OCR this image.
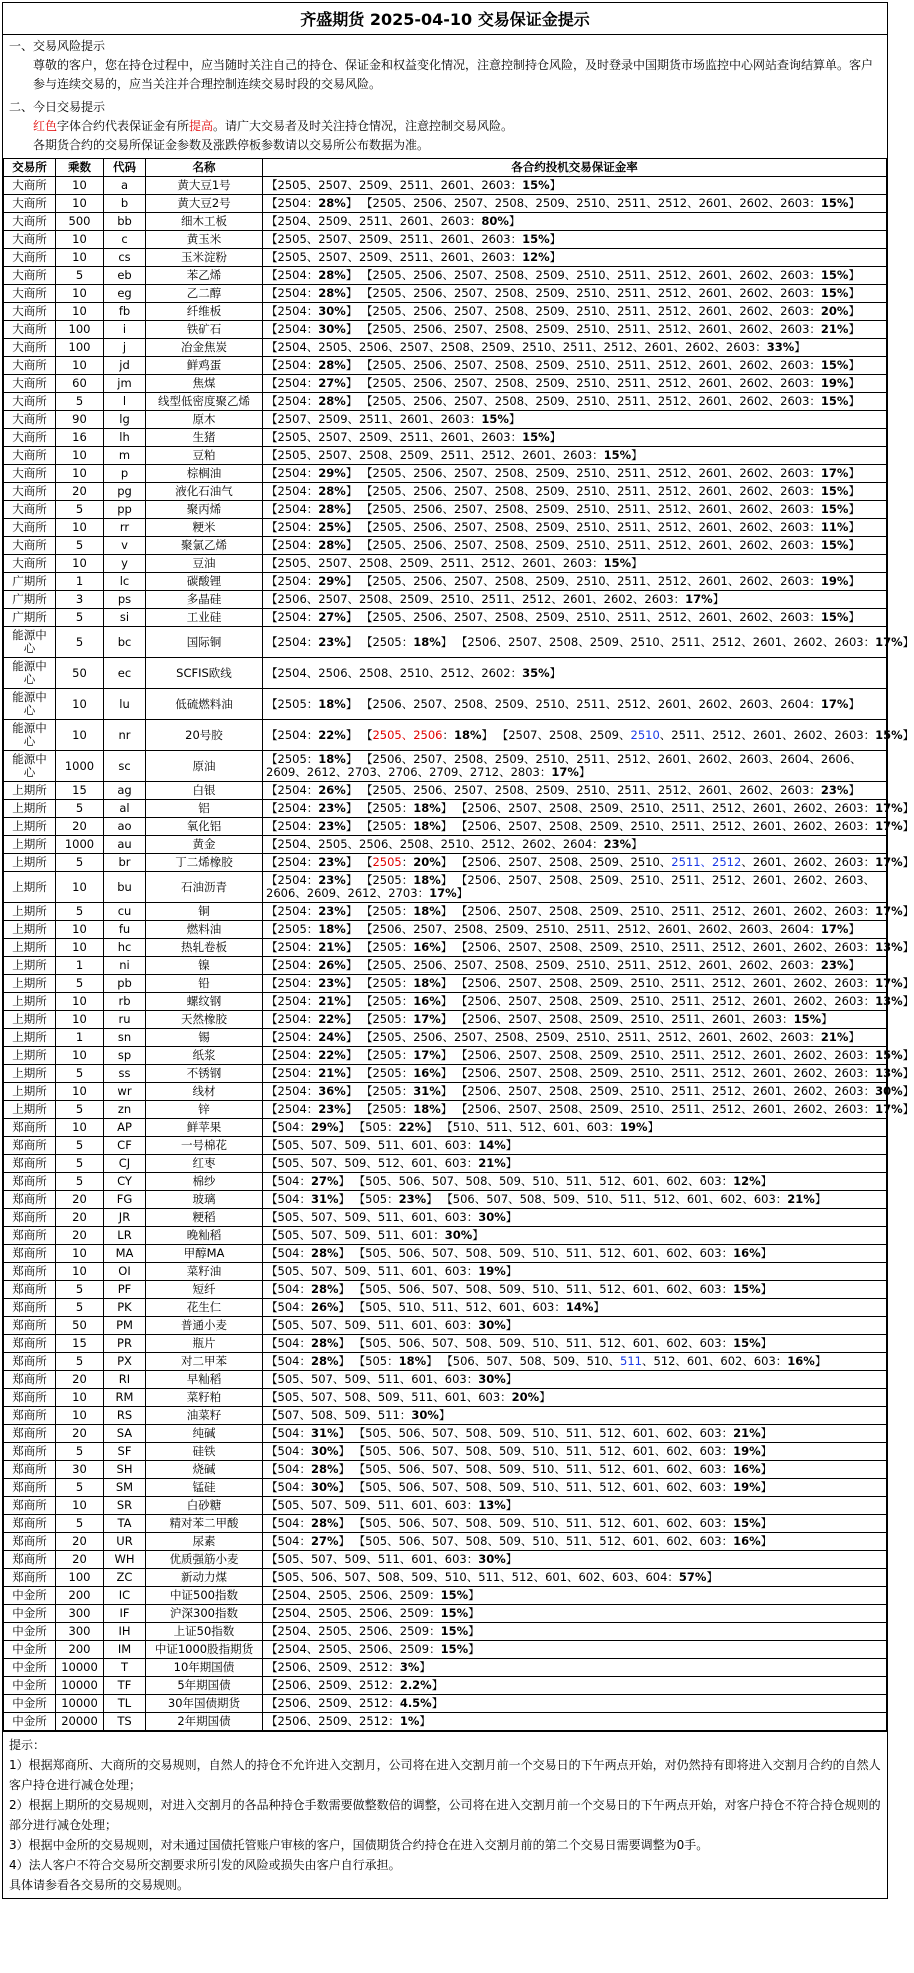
齐盛期货 2025-04-10 交易保证金提示
一、交易风险提示
尊敬的客户，您在持仓过程中，应当随时关注自己的持仓、保证金和权益变化情况，注意控制持仓风险，及时登录中国期货市场监控中心网站查询结算单。客户参与连续交易的，应当关注并合理控制连续交易时段的交易风险。
二、今日交易提示
红色字体合约代表保证金有所提高。请广大交易者及时关注持仓情况，注意控制交易风险。
各期货合约的交易所保证金参数及涨跌停板参数请以交易所公布数据为准。
交易所	乘数	代码	名称	各合约投机交易保证金率
大商所	10	a	黄大豆1号	【2505、2507、2509、2511、2601、2603：15%】
大商所	10	b	黄大豆2号	【2504：28%】 【2505、2506、2507、2508、2509、2510、2511、2512、2601、2602、2603：15%】
大商所	500	bb	细木工板	【2504、2509、2511、2601、2603：80%】
大商所	10	c	黄玉米	【2505、2507、2509、2511、2601、2603：15%】
大商所	10	cs	玉米淀粉	【2505、2507、2509、2511、2601、2603：12%】
大商所	5	eb	苯乙烯	【2504：28%】 【2505、2506、2507、2508、2509、2510、2511、2512、2601、2602、2603：15%】
大商所	10	eg	乙二醇	【2504：28%】 【2505、2506、2507、2508、2509、2510、2511、2512、2601、2602、2603：15%】
大商所	10	fb	纤维板	【2504：30%】 【2505、2506、2507、2508、2509、2510、2511、2512、2601、2602、2603：20%】
大商所	100	i	铁矿石	【2504：30%】 【2505、2506、2507、2508、2509、2510、2511、2512、2601、2602、2603：21%】
大商所	100	j	冶金焦炭	【2504、2505、2506、2507、2508、2509、2510、2511、2512、2601、2602、2603：33%】
大商所	10	jd	鲜鸡蛋	【2504：28%】 【2505、2506、2507、2508、2509、2510、2511、2512、2601、2602、2603：15%】
大商所	60	jm	焦煤	【2504：27%】 【2505、2506、2507、2508、2509、2510、2511、2512、2601、2602、2603：19%】
大商所	5	l	线型低密度聚乙烯	【2504：28%】 【2505、2506、2507、2508、2509、2510、2511、2512、2601、2602、2603：15%】
大商所	90	lg	原木	【2507、2509、2511、2601、2603：15%】
大商所	16	lh	生猪	【2505、2507、2509、2511、2601、2603：15%】
大商所	10	m	豆粕	【2505、2507、2508、2509、2511、2512、2601、2603：15%】
大商所	10	p	棕榈油	【2504：29%】 【2505、2506、2507、2508、2509、2510、2511、2512、2601、2602、2603：17%】
大商所	20	pg	液化石油气	【2504：28%】 【2505、2506、2507、2508、2509、2510、2511、2512、2601、2602、2603：15%】
大商所	5	pp	聚丙烯	【2504：28%】 【2505、2506、2507、2508、2509、2510、2511、2512、2601、2602、2603：15%】
大商所	10	rr	粳米	【2504：25%】 【2505、2506、2507、2508、2509、2510、2511、2512、2601、2602、2603：11%】
大商所	5	v	聚氯乙烯	【2504：28%】 【2505、2506、2507、2508、2509、2510、2511、2512、2601、2602、2603：15%】
大商所	10	y	豆油	【2505、2507、2508、2509、2511、2512、2601、2603：15%】
广期所	1	lc	碳酸锂	【2504：29%】 【2505、2506、2507、2508、2509、2510、2511、2512、2601、2602、2603：19%】
广期所	3	ps	多晶硅	【2506、2507、2508、2509、2510、2511、2512、2601、2602、2603：17%】
广期所	5	si	工业硅	【2504：27%】 【2505、2506、2507、2508、2509、2510、2511、2512、2601、2602、2603：15%】
能源中心	5	bc	国际铜	【2504：23%】 【2505：18%】 【2506、2507、2508、2509、2510、2511、2512、2601、2602、2603：17%】
能源中心	50	ec	SCFIS欧线	【2504、2506、2508、2510、2512、2602：35%】
能源中心	10	lu	低硫燃料油	【2505：18%】 【2506、2507、2508、2509、2510、2511、2512、2601、2602、2603、2604：17%】
能源中心	10	nr	20号胶	【2504：22%】 【2505、2506：18%】 【2507、2508、2509、2510、2511、2512、2601、2602、2603：15%】
能源中心	1000	sc	原油	【2505：18%】 【2506、2507、2508、2509、2510、2511、2512、2601、2602、2603、2604、2606、2609、2612、2703、2706、2709、2712、2803：17%】
上期所	15	ag	白银	【2504：26%】 【2505、2506、2507、2508、2509、2510、2511、2512、2601、2602、2603：23%】
上期所	5	al	铝	【2504：23%】 【2505：18%】 【2506、2507、2508、2509、2510、2511、2512、2601、2602、2603：17%】
上期所	20	ao	氧化铝	【2504：23%】 【2505：18%】 【2506、2507、2508、2509、2510、2511、2512、2601、2602、2603：17%】
上期所	1000	au	黄金	【2504、2505、2506、2508、2510、2512、2602、2604：23%】
上期所	5	br	丁二烯橡胶	【2504：23%】 【2505：20%】 【2506、2507、2508、2509、2510、2511、2512、2601、2602、2603：17%】
上期所	10	bu	石油沥青	【2504：23%】 【2505：18%】 【2506、2507、2508、2509、2510、2511、2512、2601、2602、2603、2606、2609、2612、2703：17%】
上期所	5	cu	铜	【2504：23%】 【2505：18%】 【2506、2507、2508、2509、2510、2511、2512、2601、2602、2603：17%】
上期所	10	fu	燃料油	【2505：18%】 【2506、2507、2508、2509、2510、2511、2512、2601、2602、2603、2604：17%】
上期所	10	hc	热轧卷板	【2504：21%】 【2505：16%】 【2506、2507、2508、2509、2510、2511、2512、2601、2602、2603：13%】
上期所	1	ni	镍	【2504：26%】 【2505、2506、2507、2508、2509、2510、2511、2512、2601、2602、2603：23%】
上期所	5	pb	铅	【2504：23%】 【2505：18%】 【2506、2507、2508、2509、2510、2511、2512、2601、2602、2603：17%】
上期所	10	rb	螺纹钢	【2504：21%】 【2505：16%】 【2506、2507、2508、2509、2510、2511、2512、2601、2602、2603：13%】
上期所	10	ru	天然橡胶	【2504：22%】 【2505：17%】 【2506、2507、2508、2509、2510、2511、2601、2603：15%】
上期所	1	sn	锡	【2504：24%】 【2505、2506、2507、2508、2509、2510、2511、2512、2601、2602、2603：21%】
上期所	10	sp	纸浆	【2504：22%】 【2505：17%】 【2506、2507、2508、2509、2510、2511、2512、2601、2602、2603：15%】
上期所	5	ss	不锈钢	【2504：21%】 【2505：16%】 【2506、2507、2508、2509、2510、2511、2512、2601、2602、2603：13%】
上期所	10	wr	线材	【2504：36%】 【2505：31%】 【2506、2507、2508、2509、2510、2511、2512、2601、2602、2603：30%】
上期所	5	zn	锌	【2504：23%】 【2505：18%】 【2506、2507、2508、2509、2510、2511、2512、2601、2602、2603：17%】
郑商所	10	AP	鲜苹果	【504：29%】 【505：22%】 【510、511、512、601、603：19%】
郑商所	5	CF	一号棉花	【505、507、509、511、601、603：14%】
郑商所	5	CJ	红枣	【505、507、509、512、601、603：21%】
郑商所	5	CY	棉纱	【504：27%】 【505、506、507、508、509、510、511、512、601、602、603：12%】
郑商所	20	FG	玻璃	【504：31%】 【505：23%】 【506、507、508、509、510、511、512、601、602、603：21%】
郑商所	20	JR	粳稻	【505、507、509、511、601、603：30%】
郑商所	20	LR	晚籼稻	【505、507、509、511、601：30%】
郑商所	10	MA	甲醇MA	【504：28%】 【505、506、507、508、509、510、511、512、601、602、603：16%】
郑商所	10	OI	菜籽油	【505、507、509、511、601、603：19%】
郑商所	5	PF	短纤	【504：28%】 【505、506、507、508、509、510、511、512、601、602、603：15%】
郑商所	5	PK	花生仁	【504：26%】 【505、510、511、512、601、603：14%】
郑商所	50	PM	普通小麦	【505、507、509、511、601、603：30%】
郑商所	15	PR	瓶片	【504：28%】 【505、506、507、508、509、510、511、512、601、602、603：15%】
郑商所	5	PX	对二甲苯	【504：28%】 【505：18%】 【506、507、508、509、510、511、512、601、602、603：16%】
郑商所	20	RI	早籼稻	【505、507、509、511、601、603：30%】
郑商所	10	RM	菜籽粕	【505、507、508、509、511、601、603：20%】
郑商所	10	RS	油菜籽	【507、508、509、511：30%】
郑商所	20	SA	纯碱	【504：31%】 【505、506、507、508、509、510、511、512、601、602、603：21%】
郑商所	5	SF	硅铁	【504：30%】 【505、506、507、508、509、510、511、512、601、602、603：19%】
郑商所	30	SH	烧碱	【504：28%】 【505、506、507、508、509、510、511、512、601、602、603：16%】
郑商所	5	SM	锰硅	【504：30%】 【505、506、507、508、509、510、511、512、601、602、603：19%】
郑商所	10	SR	白砂糖	【505、507、509、511、601、603：13%】
郑商所	5	TA	精对苯二甲酸	【504：28%】 【505、506、507、508、509、510、511、512、601、602、603：15%】
郑商所	20	UR	尿素	【504：27%】 【505、506、507、508、509、510、511、512、601、602、603：16%】
郑商所	20	WH	优质强筋小麦	【505、507、509、511、601、603：30%】
郑商所	100	ZC	新动力煤	【505、506、507、508、509、510、511、512、601、602、603、604：57%】
中金所	200	IC	中证500指数	【2504、2505、2506、2509：15%】
中金所	300	IF	沪深300指数	【2504、2505、2506、2509：15%】
中金所	300	IH	上证50指数	【2504、2505、2506、2509：15%】
中金所	200	IM	中证1000股指期货	【2504、2505、2506、2509：15%】
中金所	10000	T	10年期国债	【2506、2509、2512：3%】
中金所	10000	TF	5年期国债	【2506、2509、2512：2.2%】
中金所	10000	TL	30年国债期货	【2506、2509、2512：4.5%】
中金所	20000	TS	2年期国债	【2506、2509、2512：1%】
提示：
1）根据郑商所、大商所的交易规则，自然人的持仓不允许进入交割月，公司将在进入交割月前一个交易日的下午两点开始，对仍然持有即将进入交割月合约的自然人客户持仓进行减仓处理；
2）根据上期所的交易规则，对进入交割月的各品种持仓手数需要做整数倍的调整，公司将在进入交割月前一个交易日的下午两点开始，对客户持仓不符合持仓规则的部分进行减仓处理；
3）根据中金所的交易规则，对未通过国债托管账户审核的客户，国债期货合约持仓在进入交割月前的第二个交易日需要调整为0手。
4）法人客户不符合交易所交割要求所引发的风险或损失由客户自行承担。
具体请参看各交易所的交易规则。
